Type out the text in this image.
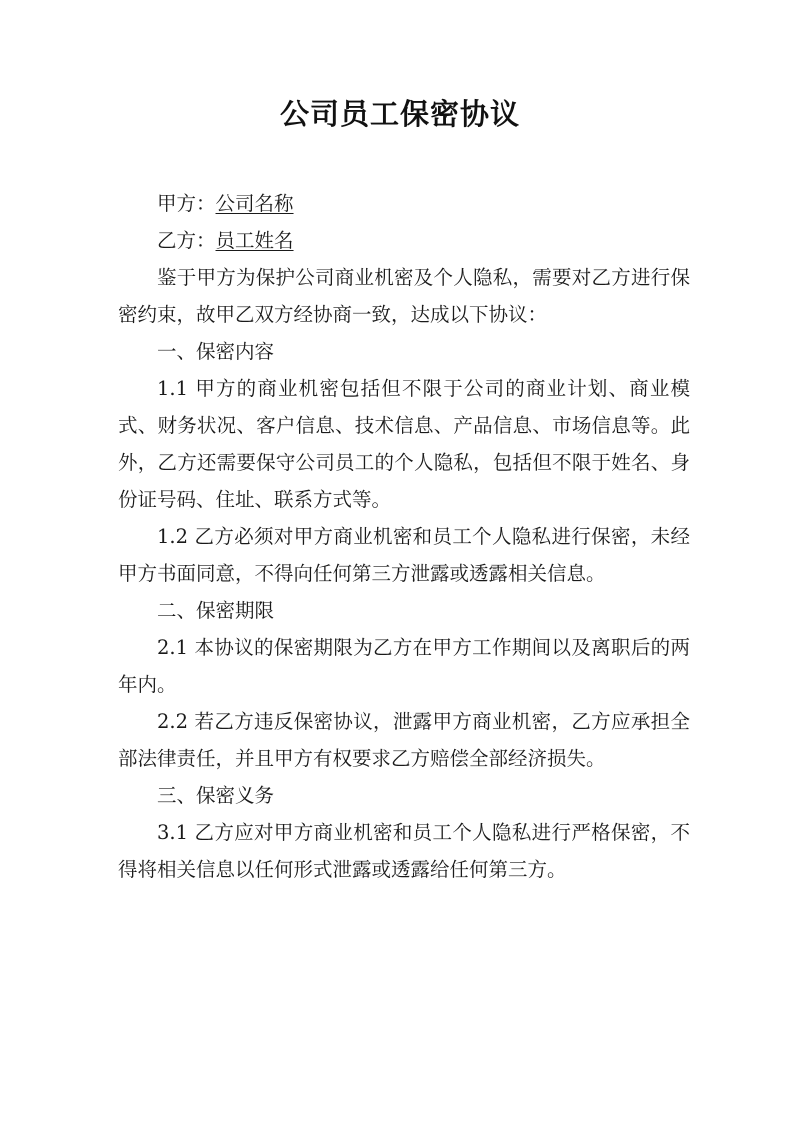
公司员工保密协议

甲方：公司名称

乙方：员工姓名

鉴于甲方为保护公司商业机密及个人隐私，需要对乙方进行保密约束，故甲乙双方经协商一致，达成以下协议：

一、保密内容

1.1 甲方的商业机密包括但不限于公司的商业计划、商业模式、财务状况、客户信息、技术信息、产品信息、市场信息等。此外，乙方还需要保守公司员工的个人隐私，包括但不限于姓名、身份证号码、住址、联系方式等。

1.2 乙方必须对甲方商业机密和员工个人隐私进行保密，未经甲方书面同意，不得向任何第三方泄露或透露相关信息。

二、保密期限

2.1 本协议的保密期限为乙方在甲方工作期间以及离职后的两年内。

2.2 若乙方违反保密协议，泄露甲方商业机密，乙方应承担全部法律责任，并且甲方有权要求乙方赔偿全部经济损失。

三、保密义务

3.1 乙方应对甲方商业机密和员工个人隐私进行严格保密，不得将相关信息以任何形式泄露或透露给任何第三方。
